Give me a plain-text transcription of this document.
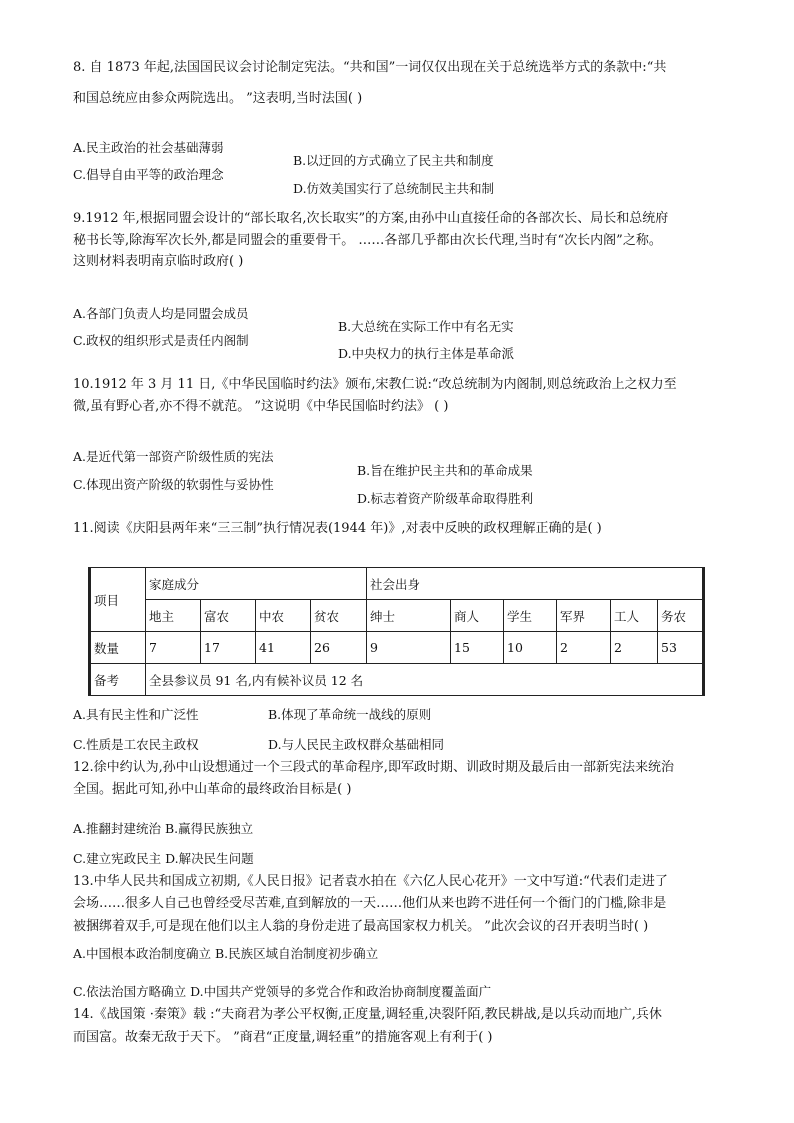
8. 自 1873 年起,法国国民议会讨论制定宪法。“共和国”一词仅仅出现在关于总统选举方式的条款中:“共
和国总统应由参众两院选出。 ”这表明,当时法国( )
A.民主政治的社会基础薄弱
B.以迂回的方式确立了民主共和制度
C.倡导自由平等的政治理念
D.仿效美国实行了总统制民主共和制
9.1912 年,根据同盟会设计的“部长取名,次长取实”的方案,由孙中山直接任命的各部次长、局长和总统府
秘书长等,除海军次长外,都是同盟会的重要骨干。 ……各部几乎都由次长代理,当时有“次长内阁”之称。
这则材料表明南京临时政府( )
A.各部门负责人均是同盟会成员
B.大总统在实际工作中有名无实
C.政权的组织形式是责任内阁制
D.中央权力的执行主体是革命派
10.1912 年 3 月 11 日,《中华民国临时约法》颁布,宋教仁说:“改总统制为内阁制,则总统政治上之权力至
微,虽有野心者,亦不得不就范。 ”这说明《中华民国临时约法》 ( )
A.是近代第一部资产阶级性质的宪法
B.旨在维护民主共和的革命成果
C.体现出资产阶级的软弱性与妥协性
D.标志着资产阶级革命取得胜利
11.阅读《庆阳县两年来“三三制”执行情况表(1944 年)》,对表中反映的政权理解正确的是( )
项目	家庭成分				社会出身					
	地主	富农	中农	贫农	绅士	商人	学生	军界	工人	务农
数量	7	17	41	26	9	15	10	2	2	53
备考	全县参议员 91 名,内有候补议员 12 名									
A.具有民主性和广泛性	B.体现了革命统一战线的原则
C.性质是工农民主政权	D.与人民民主政权群众基础相同
12.徐中约认为,孙中山设想通过一个三段式的革命程序,即军政时期、训政时期及最后由一部新宪法来统治
全国。据此可知,孙中山革命的最终政治目标是( )
A.推翻封建统治 B.赢得民族独立
C.建立宪政民主 D.解决民生问题
13.中华人民共和国成立初期,《人民日报》记者袁水拍在《六亿人民心花开》一文中写道:“代表们走进了
会场……很多人自己也曾经受尽苦难,直到解放的一天……他们从来也跨不进任何一个衙门的门槛,除非是
被捆绑着双手,可是现在他们以主人翁的身份走进了最高国家权力机关。 ”此次会议的召开表明当时( )
A.中国根本政治制度确立 B.民族区域自治制度初步确立
C.依法治国方略确立 D.中国共产党领导的多党合作和政治协商制度覆盖面广
14.《战国策 ·秦策》载 :“夫商君为孝公平权衡,正度量,调轻重,决裂阡陌,教民耕战,是以兵动而地广,兵休
而国富。故秦无敌于天下。 ”商君“正度量,调轻重”的措施客观上有利于( )
